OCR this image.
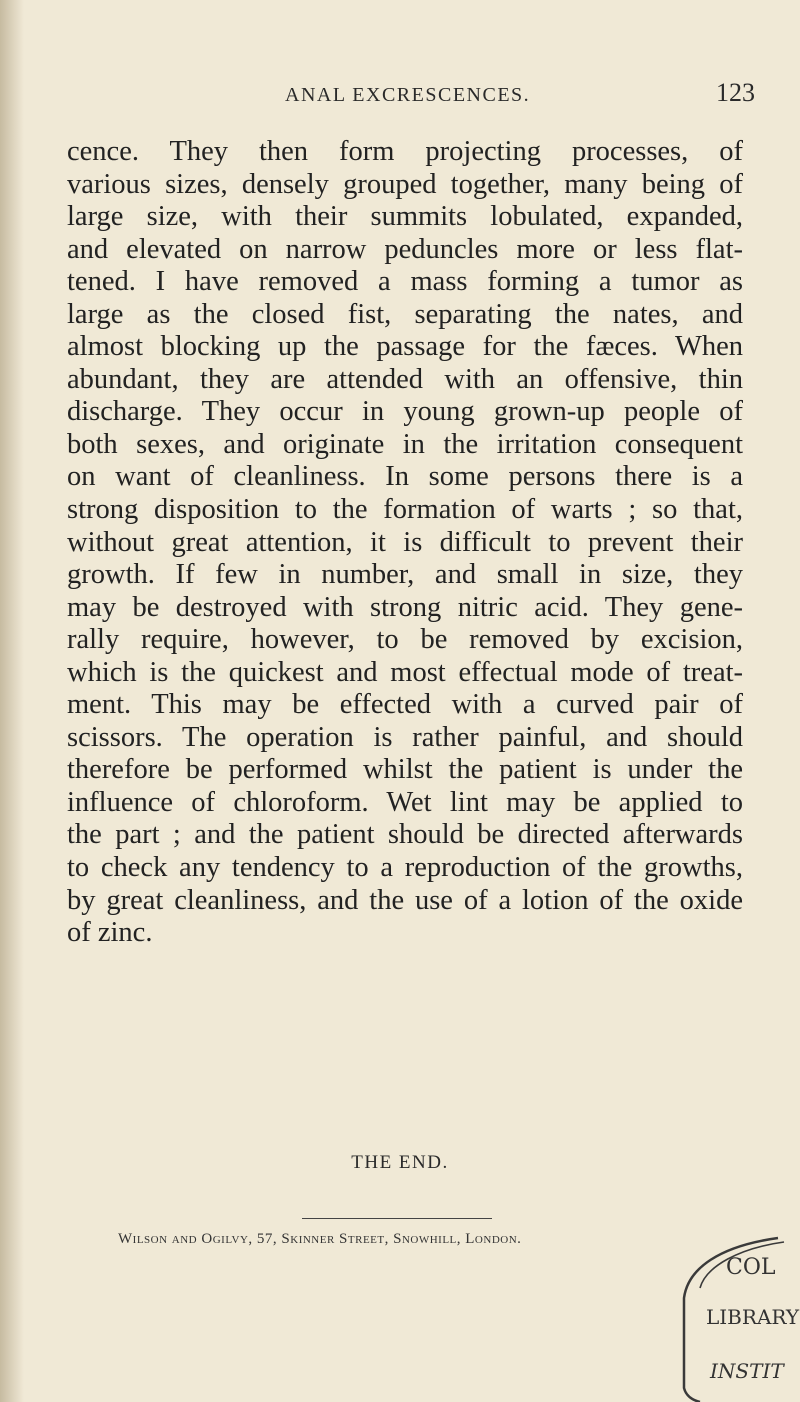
ANAL EXCRESCENCES.	123
cence. They then form projecting processes, of
various sizes, densely grouped together, many being of
large size, with their summits lobulated, expanded,
and elevated on narrow peduncles more or less flat-
tened. I have removed a mass forming a tumor as
large as the closed fist, separating the nates, and
almost blocking up the passage for the fæces. When
abundant, they are attended with an offensive, thin
discharge. They occur in young grown-up people of
both sexes, and originate in the irritation consequent
on want of cleanliness. In some persons there is a
strong disposition to the formation of warts ; so that,
without great attention, it is difficult to prevent their
growth. If few in number, and small in size, they
may be destroyed with strong nitric acid. They gene-
rally require, however, to be removed by excision,
which is the quickest and most effectual mode of treat-
ment. This may be effected with a curved pair of
scissors. The operation is rather painful, and should
therefore be performed whilst the patient is under the
influence of chloroform. Wet lint may be applied to
the part ; and the patient should be directed afterwards
to check any tendency to a reproduction of the growths,
by great cleanliness, and the use of a lotion of the oxide
of zinc.
THE END.
Wilson and Ogilvy, 57, Skinner Street, Snowhill, London.
COL
LIBRARY
INSTIT
